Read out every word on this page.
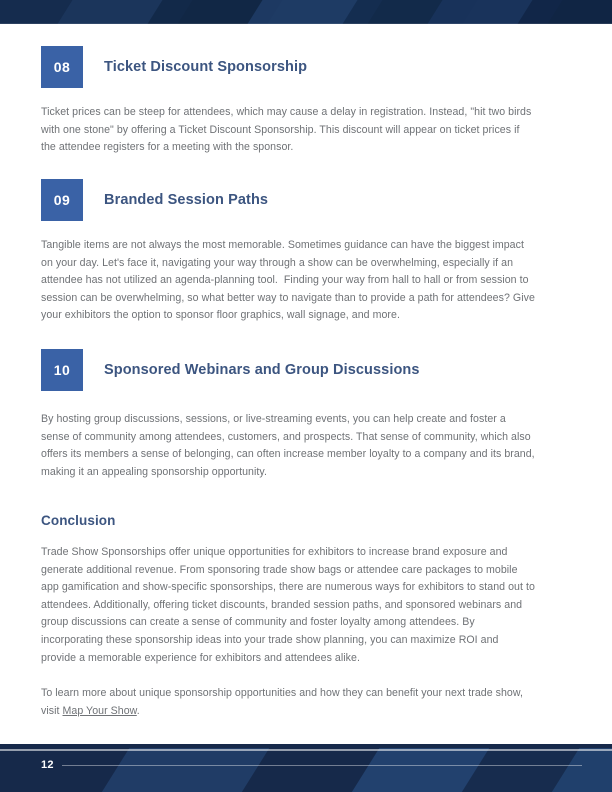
08	Ticket Discount Sponsorship
Ticket prices can be steep for attendees, which may cause a delay in registration. Instead, "hit two birds with one stone" by offering a Ticket Discount Sponsorship. This discount will appear on ticket prices if the attendee registers for a meeting with the sponsor.
09	Branded Session Paths
Tangible items are not always the most memorable. Sometimes guidance can have the biggest impact on your day. Let's face it, navigating your way through a show can be overwhelming, especially if an attendee has not utilized an agenda-planning tool.  Finding your way from hall to hall or from session to session can be overwhelming, so what better way to navigate than to provide a path for attendees? Give your exhibitors the option to sponsor floor graphics, wall signage, and more.
10	Sponsored Webinars and Group Discussions
By hosting group discussions, sessions, or live-streaming events, you can help create and foster a sense of community among attendees, customers, and prospects. That sense of community, which also offers its members a sense of belonging, can often increase member loyalty to a company and its brand, making it an appealing sponsorship opportunity.
Conclusion
Trade Show Sponsorships offer unique opportunities for exhibitors to increase brand exposure and generate additional revenue. From sponsoring trade show bags or attendee care packages to mobile app gamification and show-specific sponsorships, there are numerous ways for exhibitors to stand out to attendees. Additionally, offering ticket discounts, branded session paths, and sponsored webinars and group discussions can create a sense of community and foster loyalty among attendees. By incorporating these sponsorship ideas into your trade show planning, you can maximize ROI and provide a memorable experience for exhibitors and attendees alike.
To learn more about unique sponsorship opportunities and how they can benefit your next trade show, visit Map Your Show.
12
